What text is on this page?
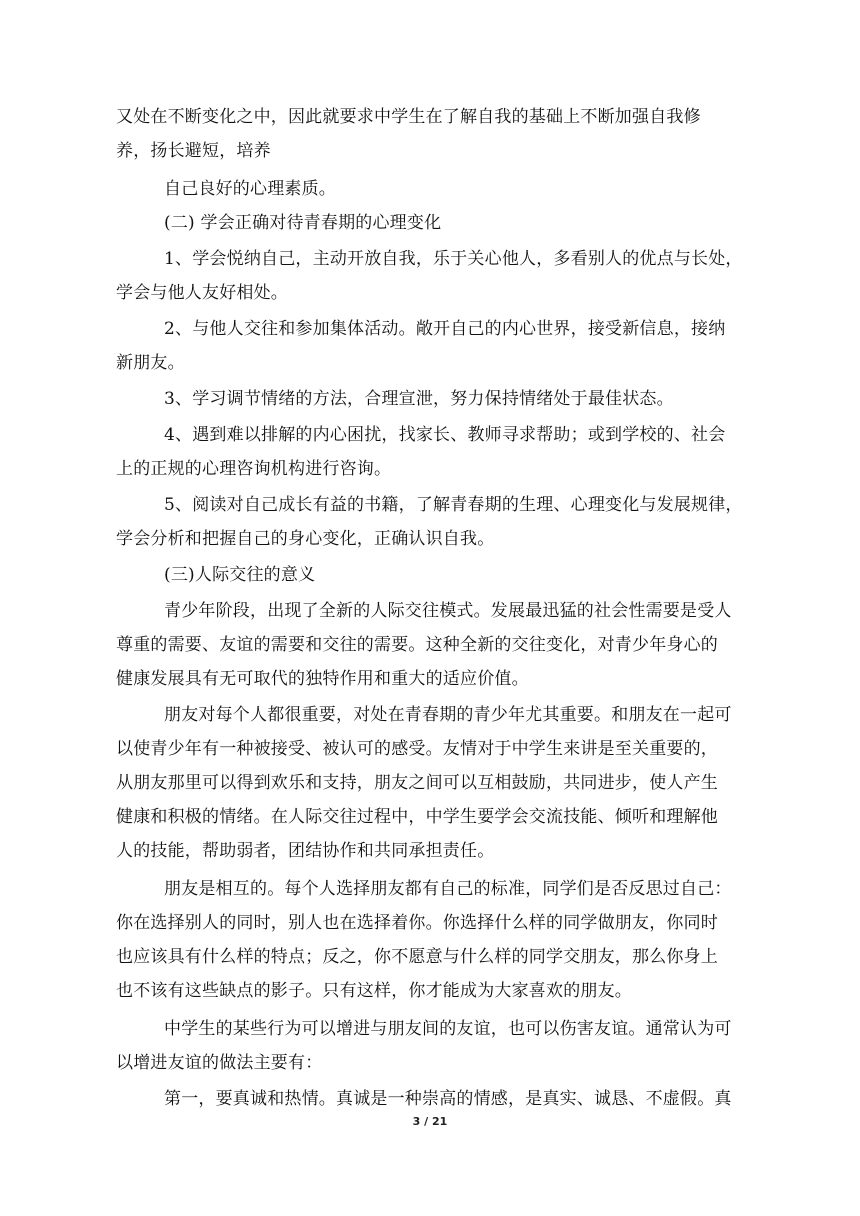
又处在不断变化之中，因此就要求中学生在了解自我的基础上不断加强自我修
养，扬长避短，培养
自己良好的心理素质。
(二) 学会正确对待青春期的心理变化
1、学会悦纳自己，主动开放自我，乐于关心他人，多看别人的优点与长处，
学会与他人友好相处。
2、与他人交往和参加集体活动。敞开自己的内心世界，接受新信息，接纳
新朋友。
3、学习调节情绪的方法，合理宣泄，努力保持情绪处于最佳状态。
4、遇到难以排解的内心困扰，找家长、教师寻求帮助；或到学校的、社会
上的正规的心理咨询机构进行咨询。
5、阅读对自己成长有益的书籍，了解青春期的生理、心理变化与发展规律，
学会分析和把握自己的身心变化，正确认识自我。
(三)人际交往的意义
青少年阶段，出现了全新的人际交往模式。发展最迅猛的社会性需要是受人
尊重的需要、友谊的需要和交往的需要。这种全新的交往变化，对青少年身心的
健康发展具有无可取代的独特作用和重大的适应价值。
朋友对每个人都很重要，对处在青春期的青少年尤其重要。和朋友在一起可
以使青少年有一种被接受、被认可的感受。友情对于中学生来讲是至关重要的，
从朋友那里可以得到欢乐和支持，朋友之间可以互相鼓励，共同进步，使人产生
健康和积极的情绪。在人际交往过程中，中学生要学会交流技能、倾听和理解他
人的技能，帮助弱者，团结协作和共同承担责任。
朋友是相互的。每个人选择朋友都有自己的标准，同学们是否反思过自己：
你在选择别人的同时，别人也在选择着你。你选择什么样的同学做朋友，你同时
也应该具有什么样的特点；反之，你不愿意与什么样的同学交朋友，那么你身上
也不该有这些缺点的影子。只有这样，你才能成为大家喜欢的朋友。
中学生的某些行为可以增进与朋友间的友谊，也可以伤害友谊。通常认为可
以增进友谊的做法主要有：
第一，要真诚和热情。真诚是一种崇高的情感，是真实、诚恳、不虚假。真
3 / 21
